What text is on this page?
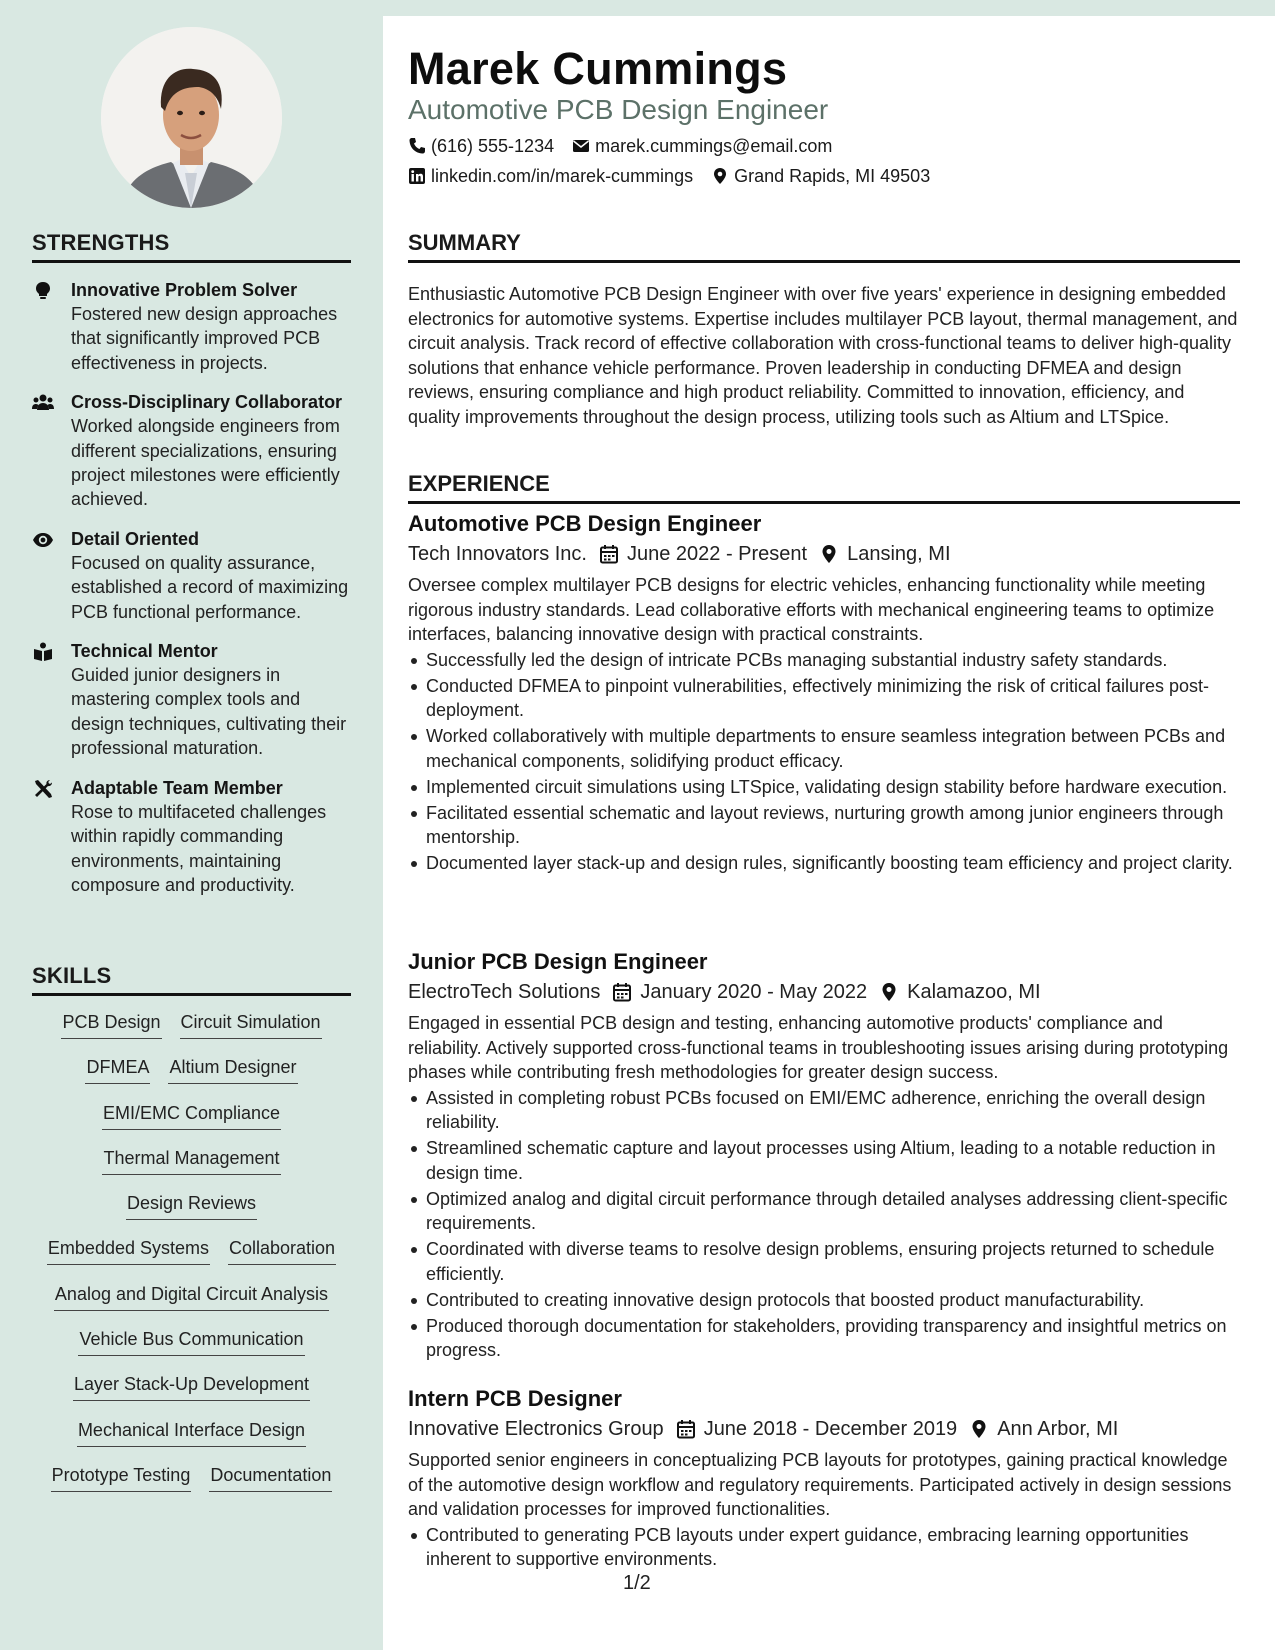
STRENGTHS
Innovative Problem Solver
Fostered new design approaches that significantly improved PCB effectiveness in projects.
Cross-Disciplinary Collaborator
Worked alongside engineers from different specializations, ensuring project milestones were efficiently achieved.
Detail Oriented
Focused on quality assurance, established a record of maximizing PCB functional performance.
Technical Mentor
Guided junior designers in mastering complex tools and design techniques, cultivating their professional maturation.
Adaptable Team Member
Rose to multifaceted challenges within rapidly commanding environments, maintaining composure and productivity.
SKILLS
PCB Design Circuit Simulation
DFMEA Altium Designer
EMI/EMC Compliance
Thermal Management
Design Reviews
Embedded Systems Collaboration
Analog and Digital Circuit Analysis
Vehicle Bus Communication
Layer Stack-Up Development
Mechanical Interface Design
Prototype Testing Documentation
Marek Cummings
Automotive PCB Design Engineer
(616) 555-1234 marek.cummings@email.com
linkedin.com/in/marek-cummings Grand Rapids, MI 49503
SUMMARY
Enthusiastic Automotive PCB Design Engineer with over five years' experience in designing embedded electronics for automotive systems. Expertise includes multilayer PCB layout, thermal management, and circuit analysis. Track record of effective collaboration with cross-functional teams to deliver high-quality solutions that enhance vehicle performance. Proven leadership in conducting DFMEA and design reviews, ensuring compliance and high product reliability. Committed to innovation, efficiency, and quality improvements throughout the design process, utilizing tools such as Altium and LTSpice.
EXPERIENCE
Automotive PCB Design Engineer
Tech Innovators Inc. June 2022 - Present Lansing, MI
Oversee complex multilayer PCB designs for electric vehicles, enhancing functionality while meeting rigorous industry standards. Lead collaborative efforts with mechanical engineering teams to optimize interfaces, balancing innovative design with practical constraints.
Successfully led the design of intricate PCBs managing substantial industry safety standards.
Conducted DFMEA to pinpoint vulnerabilities, effectively minimizing the risk of critical failures post-deployment.
Worked collaboratively with multiple departments to ensure seamless integration between PCBs and mechanical components, solidifying product efficacy.
Implemented circuit simulations using LTSpice, validating design stability before hardware execution.
Facilitated essential schematic and layout reviews, nurturing growth among junior engineers through mentorship.
Documented layer stack-up and design rules, significantly boosting team efficiency and project clarity.
Junior PCB Design Engineer
ElectroTech Solutions January 2020 - May 2022 Kalamazoo, MI
Engaged in essential PCB design and testing, enhancing automotive products' compliance and reliability. Actively supported cross-functional teams in troubleshooting issues arising during prototyping phases while contributing fresh methodologies for greater design success.
Assisted in completing robust PCBs focused on EMI/EMC adherence, enriching the overall design reliability.
Streamlined schematic capture and layout processes using Altium, leading to a notable reduction in design time.
Optimized analog and digital circuit performance through detailed analyses addressing client-specific requirements.
Coordinated with diverse teams to resolve design problems, ensuring projects returned to schedule efficiently.
Contributed to creating innovative design protocols that boosted product manufacturability.
Produced thorough documentation for stakeholders, providing transparency and insightful metrics on progress.
Intern PCB Designer
Innovative Electronics Group June 2018 - December 2019 Ann Arbor, MI
Supported senior engineers in conceptualizing PCB layouts for prototypes, gaining practical knowledge of the automotive design workflow and regulatory requirements. Participated actively in design sessions and validation processes for improved functionalities.
Contributed to generating PCB layouts under expert guidance, embracing learning opportunities inherent to supportive environments.
1/2
